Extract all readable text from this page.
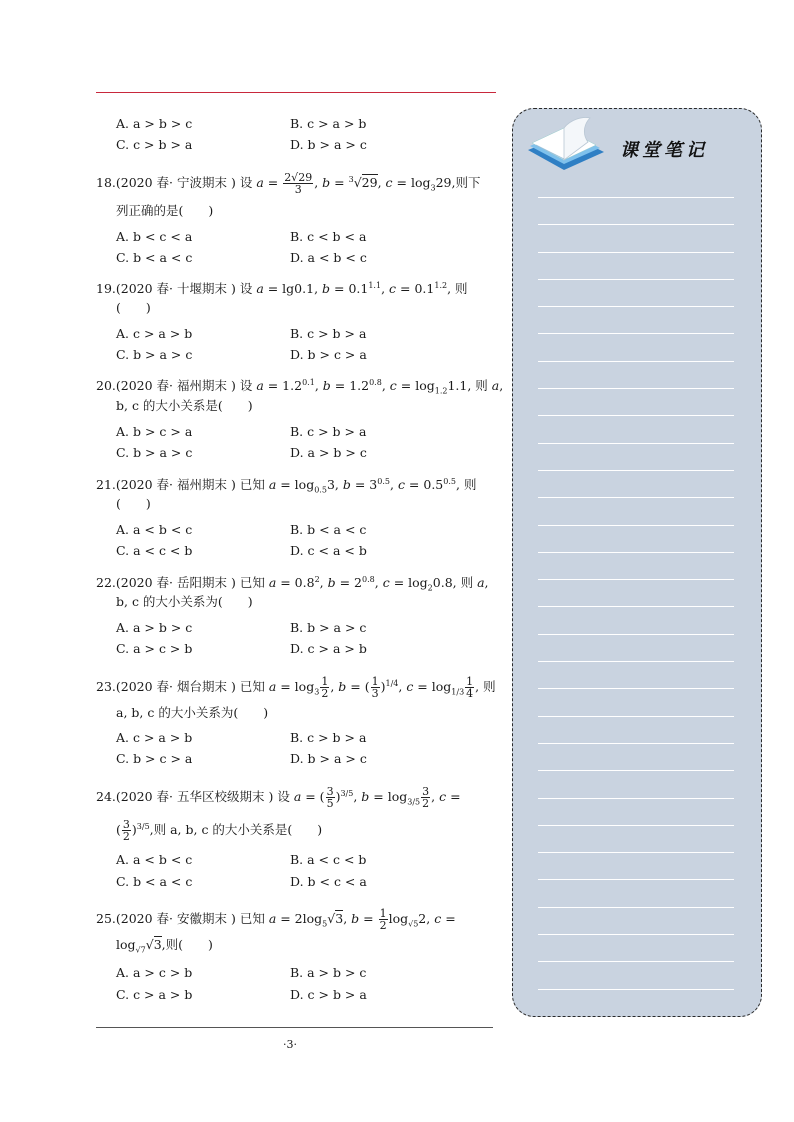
A. a > b > c	B. c > a > b
C. c > b > a	D. b > a > c
18.(2020 春· 宁波期末 ) 设 $a = \frac{2√29}{3}$ , b = $^3$√29, $c = \log_329$,则下
列正确的是(　　)
A. b < c < a	B. c < b < a
C. b < a < c	D. a < b < c
19.(2020 春· 十堰期末 ) 设 a = lg0.1, $b = 0.1^{1.1}$, $c = 0.1^{1.2}$, 则
(　　)
A. c > a > b	B. c > b > a
C. b > a > c	D. b > c > a
20.(2020 春· 福州期末 ) 设 $a = 1.2^{0.1}$, $b = 1.2^{0.8}$, $c = \log_{1.2}1.1$, 则 a,
b, c 的大小关系是(　　)
A. b > c > a	B. c > b > a
C. b > a > c	D. a > b > c
21.(2020 春· 福州期末 ) 已知 $a = \log_{0.5}3$, $b = 3^{0.5}$, $c = 0.5^{0.5}$, 则
(　　)
A. a < b < c	B. b < a < c
C. a < c < b	D. c < a < b
22.(2020 春· 岳阳期末 ) 已知 $a = 0.8^2$, $b = 2^{0.8}$, $c = \log_20.8$, 则 a,
b, c 的大小关系为(　　)
A. a > b > c	B. b > a > c
C. a > c > b	D. c > a > b
23.(2020 春· 烟台期末 ) 已知 $a = \log_3 \frac{1}{2}$ , b = ( $\frac{1}{3} )^{1/4}$, $c = \log_{1/3} \frac{1}{4}$ , 则
a, b, c 的大小关系为(　　)
A. c > a > b	B. c > b > a
C. b > c > a	D. b > a > c
24.(2020 春· 五华区校级期末 ) 设 a = ( $\frac{3}{5} )^{3/5}$, $b = \log_{3/5} \frac{3}{2}$ , c =
( $\frac{3}{2} )^{3/5}$,则 a, b, c 的大小关系是(　　)
A. a < b < c	B. a < c < b
C. b < a < c	D. b < c < a
25.(2020 春· 安徽期末 ) 已知 $a = 2\log_5√3$, $b = \frac{1}{2} \log_{√5}2$, c =
$\log_{√7}√3$,则(　　)
A. a > c > b	B. a > b > c
C. c > a > b	D. c > b > a
·3·
课堂笔记
